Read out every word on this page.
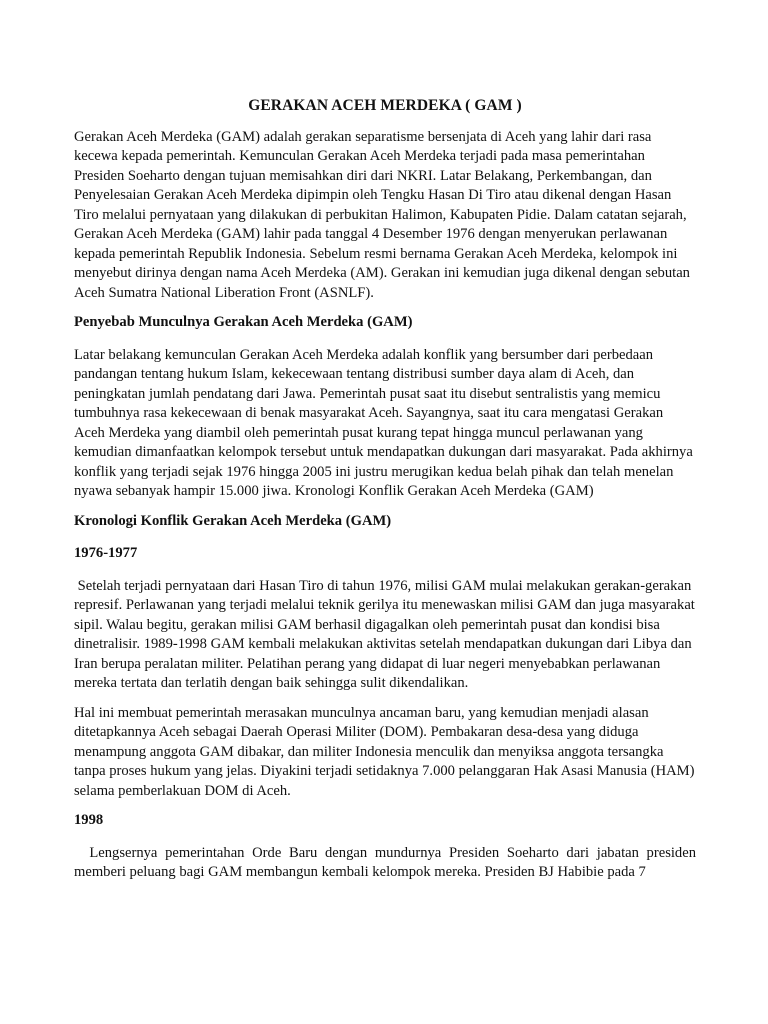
GERAKAN ACEH MERDEKA ( GAM )

Gerakan Aceh Merdeka (GAM) adalah gerakan separatisme bersenjata di Aceh yang lahir dari rasa kecewa kepada pemerintah. Kemunculan Gerakan Aceh Merdeka terjadi pada masa pemerintahan Presiden Soeharto dengan tujuan memisahkan diri dari NKRI. Latar Belakang, Perkembangan, dan Penyelesaian Gerakan Aceh Merdeka dipimpin oleh Tengku Hasan Di Tiro atau dikenal dengan Hasan Tiro melalui pernyataan yang dilakukan di perbukitan Halimon, Kabupaten Pidie. Dalam catatan sejarah, Gerakan Aceh Merdeka (GAM) lahir pada tanggal 4 Desember 1976 dengan menyerukan perlawanan kepada pemerintah Republik Indonesia. Sebelum resmi bernama Gerakan Aceh Merdeka, kelompok ini menyebut dirinya dengan nama Aceh Merdeka (AM). Gerakan ini kemudian juga dikenal dengan sebutan Aceh Sumatra National Liberation Front (ASNLF).

Penyebab Munculnya Gerakan Aceh Merdeka (GAM)

Latar belakang kemunculan Gerakan Aceh Merdeka adalah konflik yang bersumber dari perbedaan pandangan tentang hukum Islam, kekecewaan tentang distribusi sumber daya alam di Aceh, dan peningkatan jumlah pendatang dari Jawa. Pemerintah pusat saat itu disebut sentralistis yang memicu tumbuhnya rasa kekecewaan di benak masyarakat Aceh. Sayangnya, saat itu cara mengatasi Gerakan Aceh Merdeka yang diambil oleh pemerintah pusat kurang tepat hingga muncul perlawanan yang kemudian dimanfaatkan kelompok tersebut untuk mendapatkan dukungan dari masyarakat. Pada akhirnya konflik yang terjadi sejak 1976 hingga 2005 ini justru merugikan kedua belah pihak dan telah menelan nyawa sebanyak hampir 15.000 jiwa. Kronologi Konflik Gerakan Aceh Merdeka (GAM)

Kronologi Konflik Gerakan Aceh Merdeka (GAM)
1976-1977

Setelah terjadi pernyataan dari Hasan Tiro di tahun 1976, milisi GAM mulai melakukan gerakan-gerakan represif. Perlawanan yang terjadi melalui teknik gerilya itu menewaskan milisi GAM dan juga masyarakat sipil. Walau begitu, gerakan milisi GAM berhasil digagalkan oleh pemerintah pusat dan kondisi bisa dinetralisir. 1989-1998 GAM kembali melakukan aktivitas setelah mendapatkan dukungan dari Libya dan Iran berupa peralatan militer. Pelatihan perang yang didapat di luar negeri menyebabkan perlawanan mereka tertata dan terlatih dengan baik sehingga sulit dikendalikan.

Hal ini membuat pemerintah merasakan munculnya ancaman baru, yang kemudian menjadi alasan ditetapkannya Aceh sebagai Daerah Operasi Militer (DOM). Pembakaran desa-desa yang diduga menampung anggota GAM dibakar, dan militer Indonesia menculik dan menyiksa anggota tersangka tanpa proses hukum yang jelas. Diyakini terjadi setidaknya 7.000 pelanggaran Hak Asasi Manusia (HAM) selama pemberlakuan DOM di Aceh.

1998

Lengsernya pemerintahan Orde Baru dengan mundurnya Presiden Soeharto dari jabatan presiden memberi peluang bagi GAM membangun kembali kelompok mereka. Presiden BJ Habibie pada 7
